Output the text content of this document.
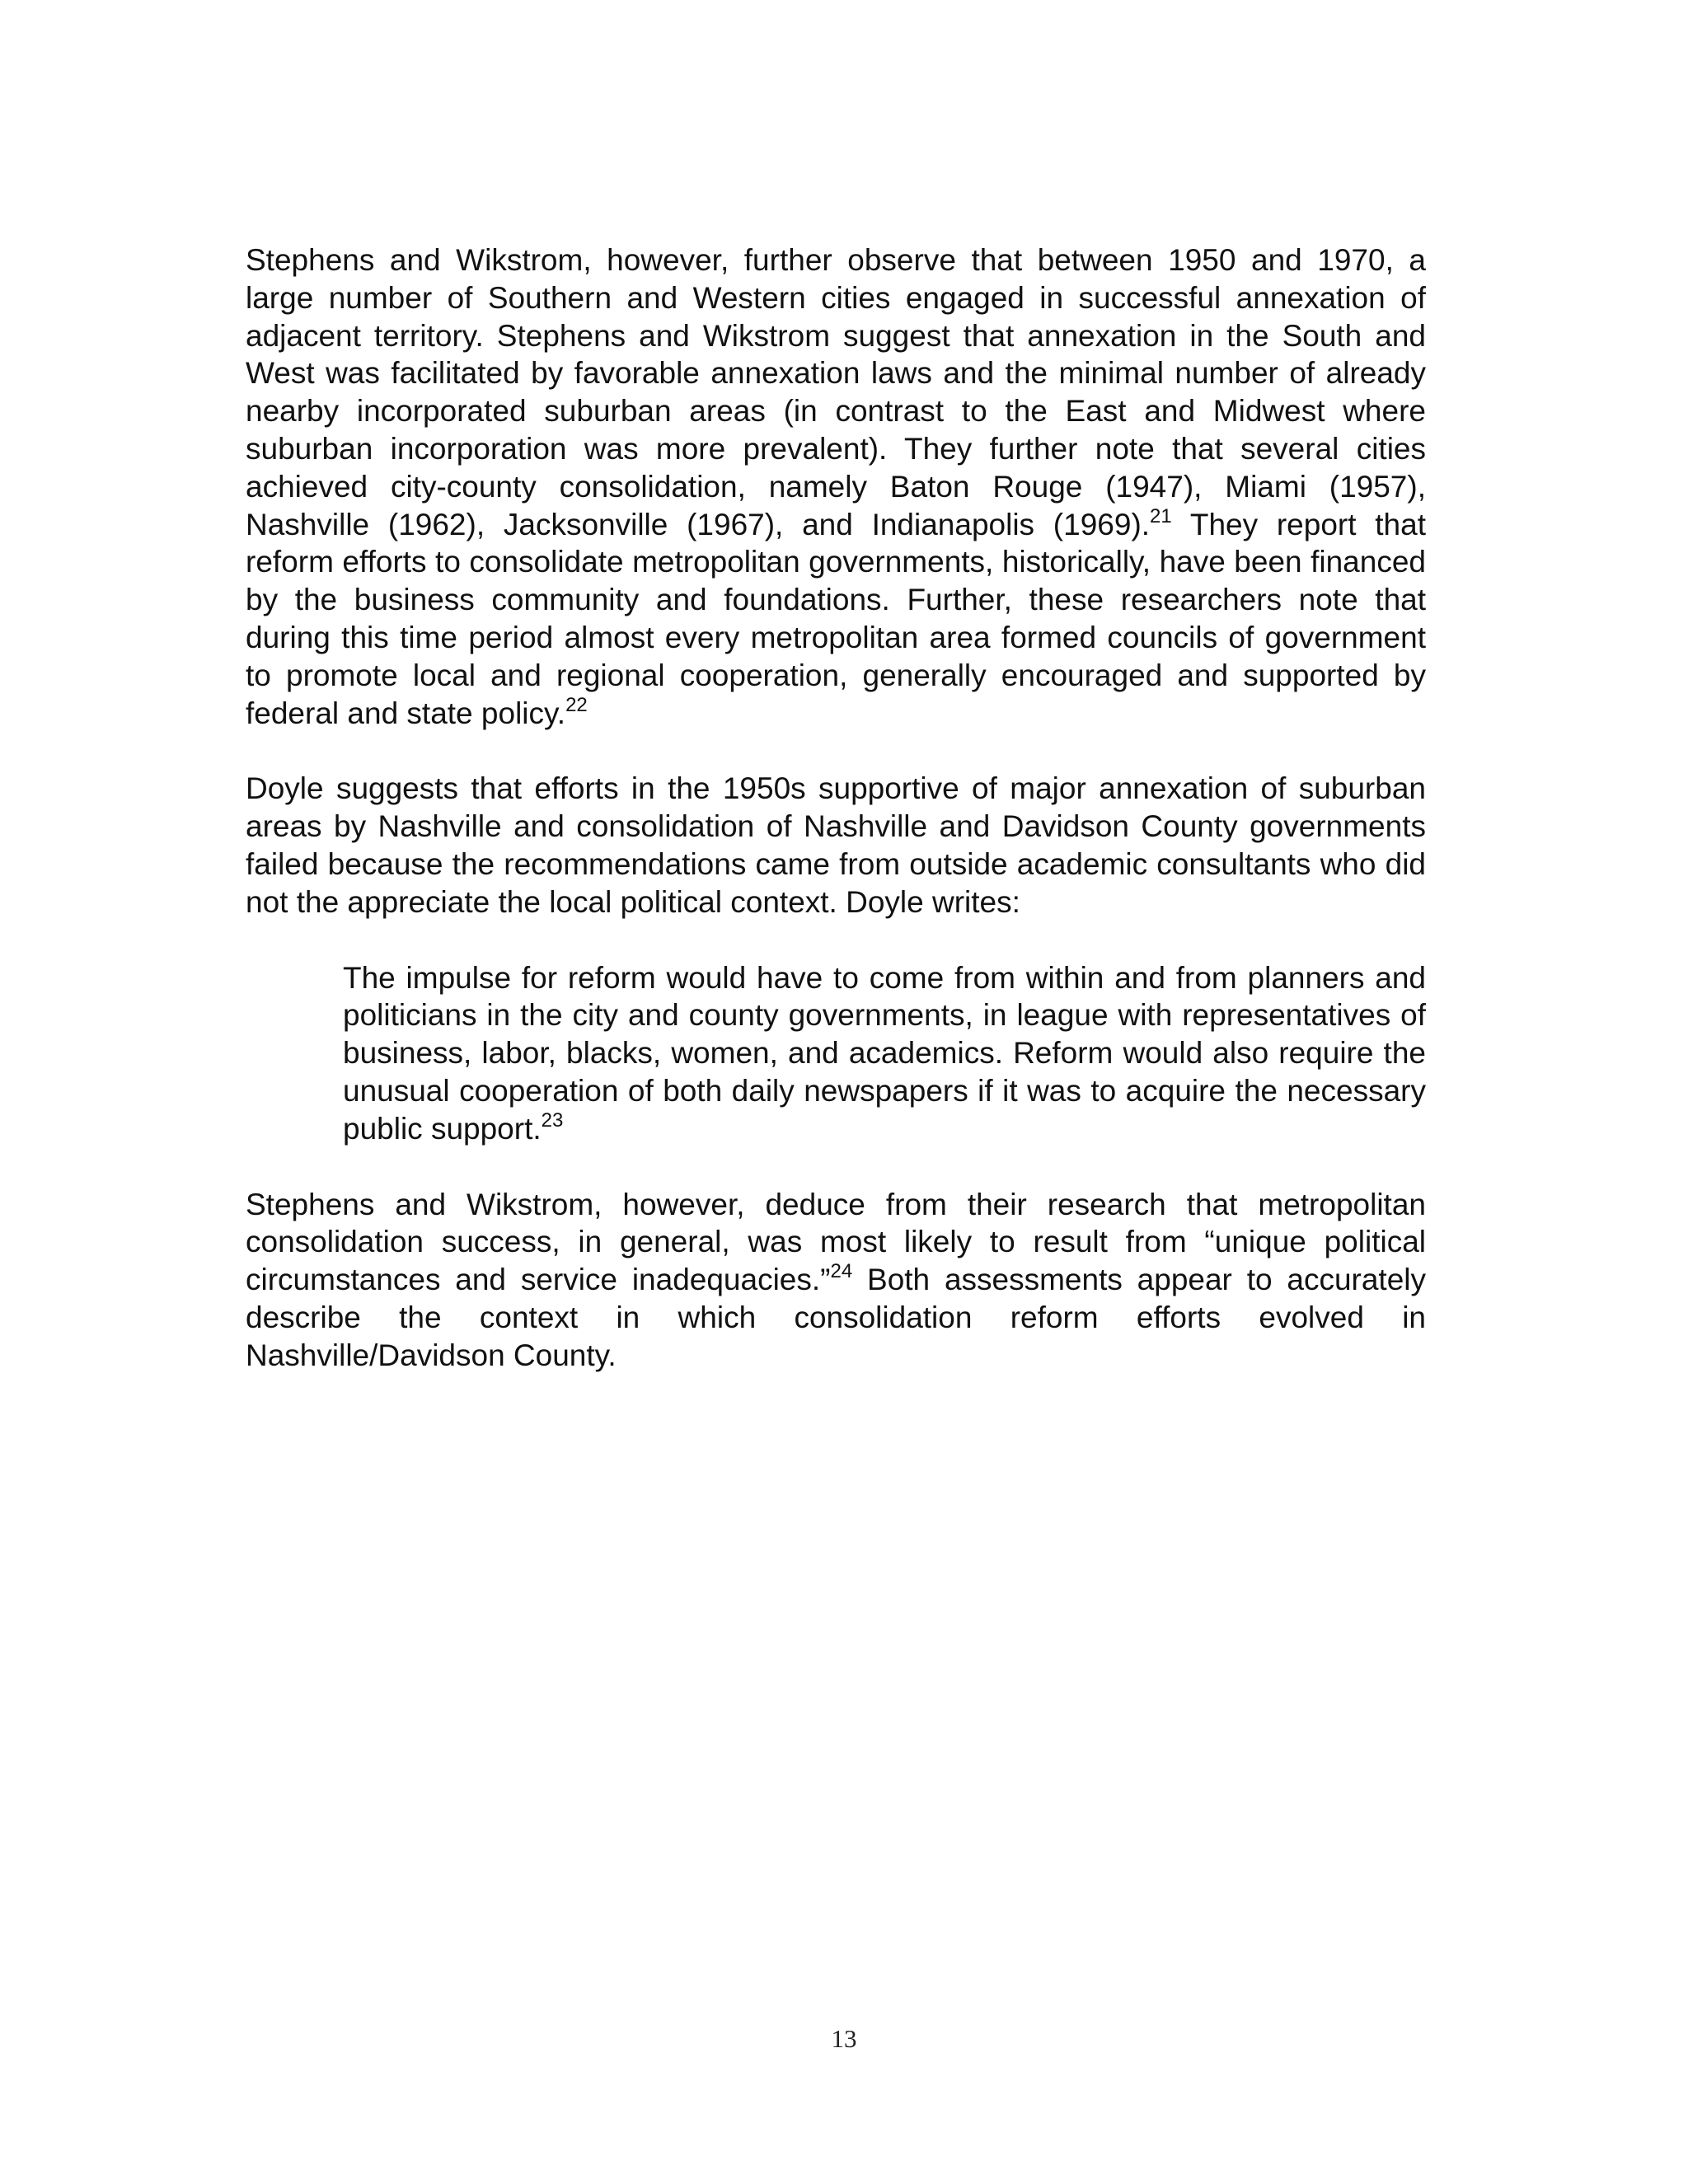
Stephens and Wikstrom, however, further observe that between 1950 and 1970, a large number of Southern and Western cities engaged in successful annexation of adjacent territory. Stephens and Wikstrom suggest that annexation in the South and West was facilitated by favorable annexation laws and the minimal number of already nearby incorporated suburban areas (in contrast to the East and Midwest where suburban incorporation was more prevalent). They further note that several cities achieved city-county consolidation, namely Baton Rouge (1947), Miami (1957), Nashville (1962), Jacksonville (1967), and Indianapolis (1969).$^{21}$ They report that reform efforts to consolidate metropolitan governments, historically, have been financed by the business community and foundations. Further, these researchers note that during this time period almost every metropolitan area formed councils of government to promote local and regional cooperation, generally encouraged and supported by federal and state policy.$^{22}$

Doyle suggests that efforts in the 1950s supportive of major annexation of suburban areas by Nashville and consolidation of Nashville and Davidson County governments failed because the recommendations came from outside academic consultants who did not the appreciate the local political context. Doyle writes:

The impulse for reform would have to come from within and from planners and politicians in the city and county governments, in league with representatives of business, labor, blacks, women, and academics. Reform would also require the unusual cooperation of both daily newspapers if it was to acquire the necessary public support.$^{23}$

Stephens and Wikstrom, however, deduce from their research that metropolitan consolidation success, in general, was most likely to result from “unique political circumstances and service inadequacies.”$^{24}$ Both assessments appear to accurately describe the context in which consolidation reform efforts evolved in Nashville/Davidson County.

13
